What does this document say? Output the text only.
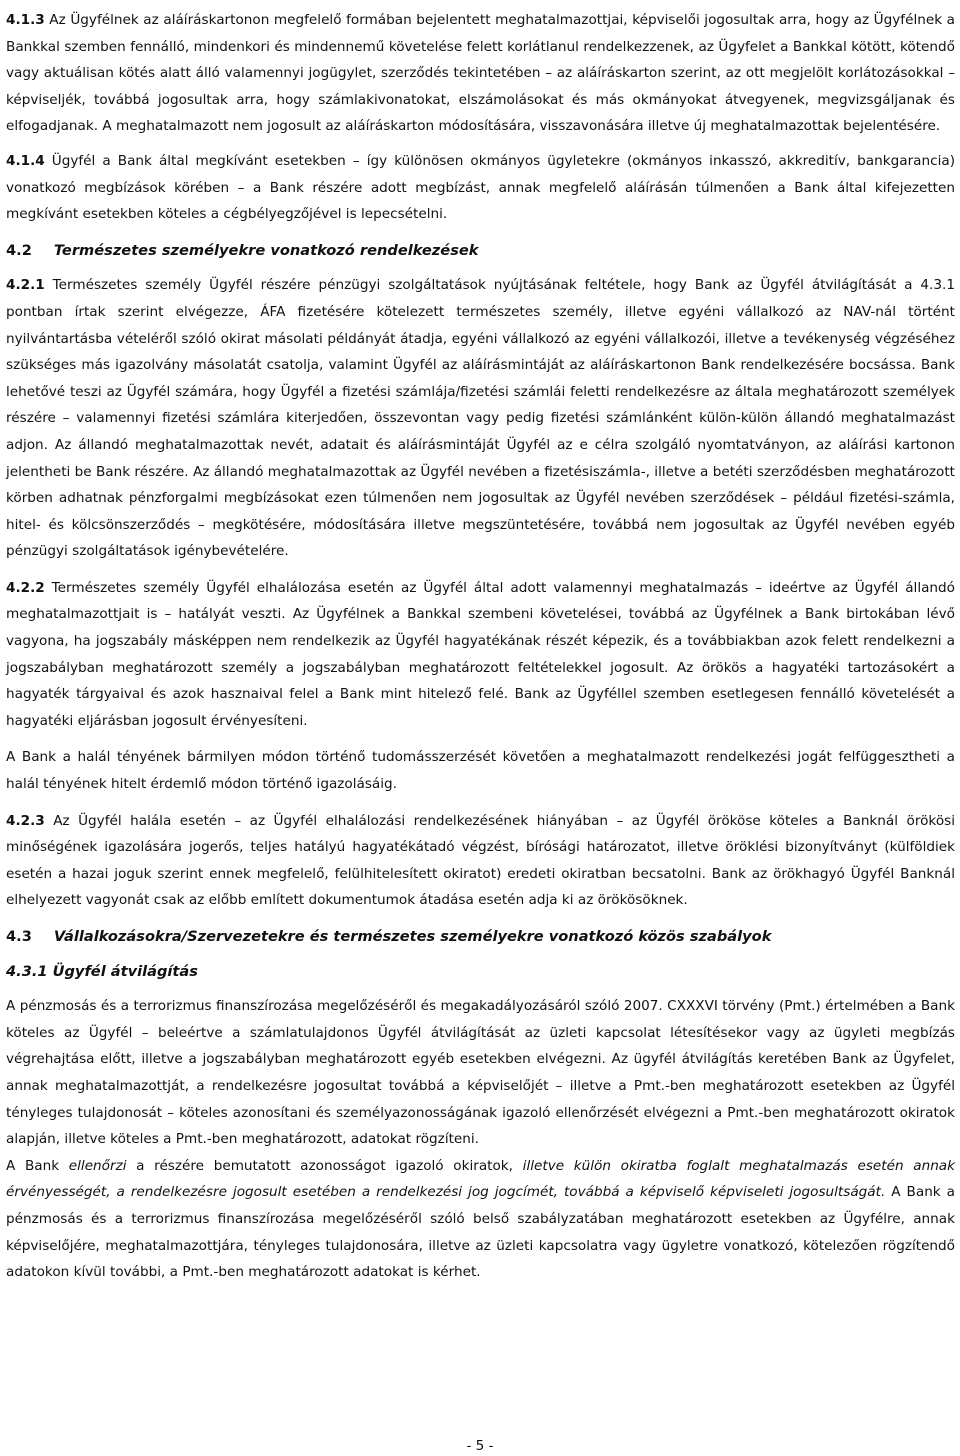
4.1.3 Az Ügyfélnek az aláíráskartonon megfelelő formában bejelentett meghatalmazottjai, képviselői jogosultak arra, hogy az Ügyfélnek a Bankkal szemben fennálló, mindenkori és mindennemű követelése felett korlátlanul rendelkezzenek, az Ügyfelet a Bankkal kötött, kötendő vagy aktuálisan kötés alatt álló valamennyi jogügylet, szerződés tekintetében – az aláíráskarton szerint, az ott megjelölt korlátozásokkal – képviseljék, továbbá jogosultak arra, hogy számlakivonatokat, elszámolásokat és más okmányokat átvegyenek, megvizsgáljanak és elfogadjanak. A meghatalmazott nem jogosult az aláíráskarton módosítására, visszavonására illetve új meghatalmazottak bejelentésére.

4.1.4 Ügyfél a Bank által megkívánt esetekben – így különösen okmányos ügyletekre (okmányos inkasszó, akkreditív, bankgarancia) vonatkozó megbízások körében – a Bank részére adott megbízást, annak megfelelő aláírásán túlmenően a Bank által kifejezetten megkívánt esetekben köteles a cégbélyegzőjével is lepecsételni.

4.2 Természetes személyekre vonatkozó rendelkezések

4.2.1 Természetes személy Ügyfél részére pénzügyi szolgáltatások nyújtásának feltétele, hogy Bank az Ügyfél átvilágítását a 4.3.1 pontban írtak szerint elvégezze, ÁFA fizetésére kötelezett természetes személy, illetve egyéni vállalkozó az NAV-nál történt nyilvántartásba vételéről szóló okirat másolati példányát átadja, egyéni vállalkozó az egyéni vállalkozói, illetve a tevékenység végzéséhez szükséges más igazolvány másolatát csatolja, valamint Ügyfél az aláírásmintáját az aláíráskartonon Bank rendelkezésére bocsássa. Bank lehetővé teszi az Ügyfél számára, hogy Ügyfél a fizetési számlája/fizetési számlái feletti rendelkezésre az általa meghatározott személyek részére – valamennyi fizetési számlára kiterjedően, összevontan vagy pedig fizetési számlánként külön-külön állandó meghatalmazást adjon. Az állandó meghatalmazottak nevét, adatait és aláírásmintáját Ügyfél az e célra szolgáló nyomtatványon, az aláírási kartonon jelentheti be Bank részére. Az állandó meghatalmazottak az Ügyfél nevében a fizetésiszámla-, illetve a betéti szerződésben meghatározott körben adhatnak pénzforgalmi megbízásokat ezen túlmenően nem jogosultak az Ügyfél nevében szerződések – például fizetési-számla, hitel- és kölcsönszerződés – megkötésére, módosítására illetve megszüntetésére, továbbá nem jogosultak az Ügyfél nevében egyéb pénzügyi szolgáltatások igénybevételére.

4.2.2 Természetes személy Ügyfél elhalálozása esetén az Ügyfél által adott valamennyi meghatalmazás – ideértve az Ügyfél állandó meghatalmazottjait is – hatályát veszti. Az Ügyfélnek a Bankkal szembeni követelései, továbbá az Ügyfélnek a Bank birtokában lévő vagyona, ha jogszabály másképpen nem rendelkezik az Ügyfél hagyatékának részét képezik, és a továbbiakban azok felett rendelkezni a jogszabályban meghatározott személy a jogszabályban meghatározott feltételekkel jogosult. Az örökös a hagyatéki tartozásokért a hagyaték tárgyaival és azok hasznaival felel a Bank mint hitelező felé. Bank az Ügyféllel szemben esetlegesen fennálló követelését a hagyatéki eljárásban jogosult érvényesíteni.

A Bank a halál tényének bármilyen módon történő tudomásszerzését követően a meghatalmazott rendelkezési jogát felfüggesztheti a halál tényének hitelt érdemlő módon történő igazolásáig.

4.2.3 Az Ügyfél halála esetén – az Ügyfél elhalálozási rendelkezésének hiányában – az Ügyfél örököse köteles a Banknál örökösi minőségének igazolására jogerős, teljes hatályú hagyatékátadó végzést, bírósági határozatot, illetve öröklési bizonyítványt (külföldiek esetén a hazai joguk szerint ennek megfelelő, felülhitelesített okiratot) eredeti okiratban becsatolni. Bank az örökhagyó Ügyfél Banknál elhelyezett vagyonát csak az előbb említett dokumentumok átadása esetén adja ki az örökösöknek.

4.3 Vállalkozásokra/Szervezetekre és természetes személyekre vonatkozó közös szabályok
4.3.1 Ügyfél átvilágítás

A pénzmosás és a terrorizmus finanszírozása megelőzéséről és megakadályozásáról szóló 2007. CXXXVI törvény (Pmt.) értelmében a Bank köteles az Ügyfél – beleértve a számlatulajdonos Ügyfél átvilágítását az üzleti kapcsolat létesítésekor vagy az ügyleti megbízás végrehajtása előtt, illetve a jogszabályban meghatározott egyéb esetekben elvégezni. Az ügyfél átvilágítás keretében Bank az Ügyfelet, annak meghatalmazottját, a rendelkezésre jogosultat továbbá a képviselőjét – illetve a Pmt.-ben meghatározott esetekben az Ügyfél tényleges tulajdonosát – köteles azonosítani és személyazonosságának igazoló ellenőrzését elvégezni a Pmt.-ben meghatározott okiratok alapján, illetve köteles a Pmt.-ben meghatározott, adatokat rögzíteni.

A Bank ellenőrzi a részére bemutatott azonosságot igazoló okiratok, illetve külön okiratba foglalt meghatalmazás esetén annak érvényességét, a rendelkezésre jogosult esetében a rendelkezési jog jogcímét, továbbá a képviselő képviseleti jogosultságát. A Bank a pénzmosás és a terrorizmus finanszírozása megelőzéséről szóló belső szabályzatában meghatározott esetekben az Ügyfélre, annak képviselőjére, meghatalmazottjára, tényleges tulajdonosára, illetve az üzleti kapcsolatra vagy ügyletre vonatkozó, kötelezően rögzítendő adatokon kívül további, a Pmt.-ben meghatározott adatokat is kérhet.

- 5 -
